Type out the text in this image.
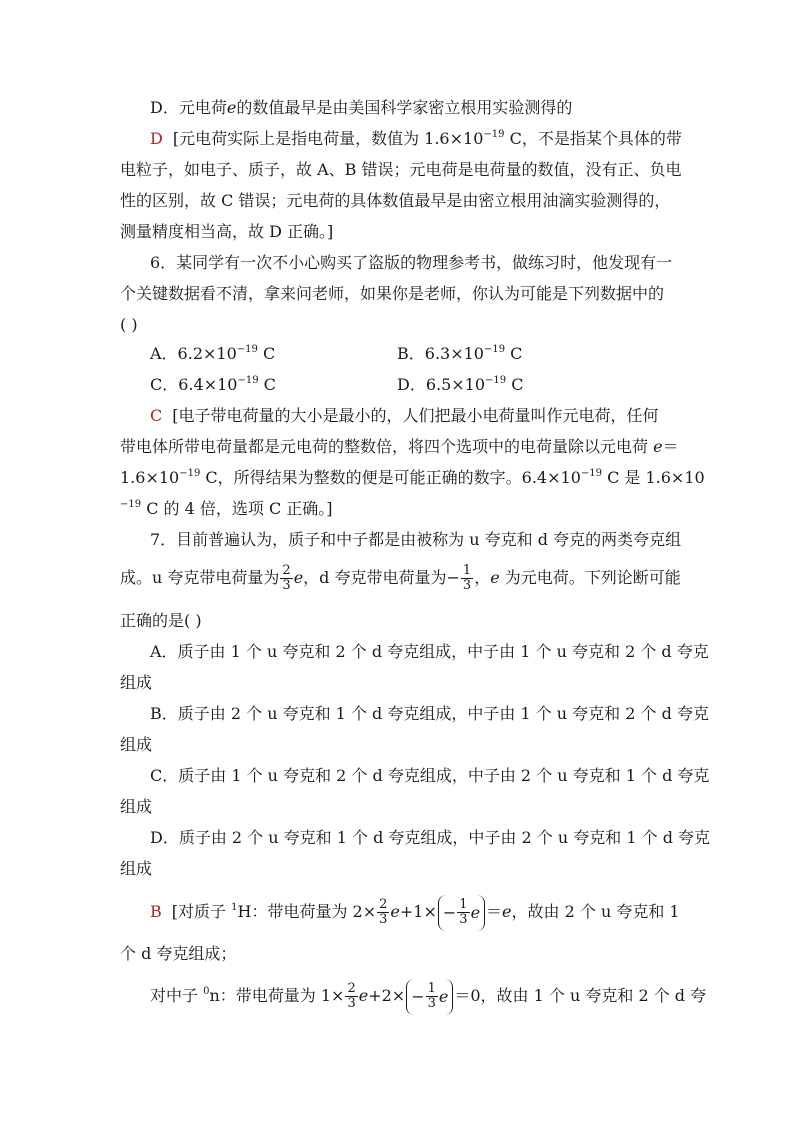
D．元电荷e的数值最早是由美国科学家密立根用实验测得的
D [元电荷实际上是指电荷量，数值为 $1.6\times 10^{-19}$ C，不是指某个具体的带
电粒子，如电子、质子，故 A、B 错误；元电荷是电荷量的数值，没有正、负电
性的区别，故 C 错误；元电荷的具体数值最早是由密立根用油滴实验测得的，
测量精度相当高，故 D 正确。]
6．某同学有一次不小心购买了盗版的物理参考书，做练习时，他发现有一
个关键数据看不清，拿来问老师，如果你是老师，你认为可能是下列数据中的
( )
A．$6.2\times 10^{-19}$ C	B．$6.3\times 10^{-19}$ C
C．$6.4\times 10^{-19}$ C	D．$6.5\times 10^{-19}$ C
C [电子带电荷量的大小是最小的，人们把最小电荷量叫作元电荷，任何
带电体所带电荷量都是元电荷的整数倍，将四个选项中的电荷量除以元电荷 e＝
$1.6\times 10^{-19}$ C，所得结果为整数的便是可能正确的数字。$6.4\times 10^{-19}$ C 是 1.6×10
$^{-19}$ C 的 4 倍，选项 C 正确。]
7．目前普遍认为，质子和中子都是由被称为 u 夸克和 d 夸克的两类夸克组
成。u 夸克带电荷量为 $\frac{2}{3}$ e，d 夸克带电荷量为− $\frac{1}{3}$ ，e 为元电荷。下列论断可能
正确的是( )
A．质子由 1 个 u 夸克和 2 个 d 夸克组成，中子由 1 个 u 夸克和 2 个 d 夸克
组成
B．质子由 2 个 u 夸克和 1 个 d 夸克组成，中子由 1 个 u 夸克和 2 个 d 夸克
组成
C．质子由 1 个 u 夸克和 2 个 d 夸克组成，中子由 2 个 u 夸克和 1 个 d 夸克
组成
D．质子由 2 个 u 夸克和 1 个 d 夸克组成，中子由 2 个 u 夸克和 1 个 d 夸克
组成
B [对质子 $^1$H：带电荷量为 $2\times \frac{2}{3} e+1\times - \frac{1}{3}$ e ＝e，故由 2 个 u 夸克和 1
个 d 夸克组成；
对中子 $^0$n：带电荷量为 $1\times \frac{2}{3} e+2\times - \frac{1}{3}$ e ＝0，故由 1 个 u 夸克和 2 个 d 夸
